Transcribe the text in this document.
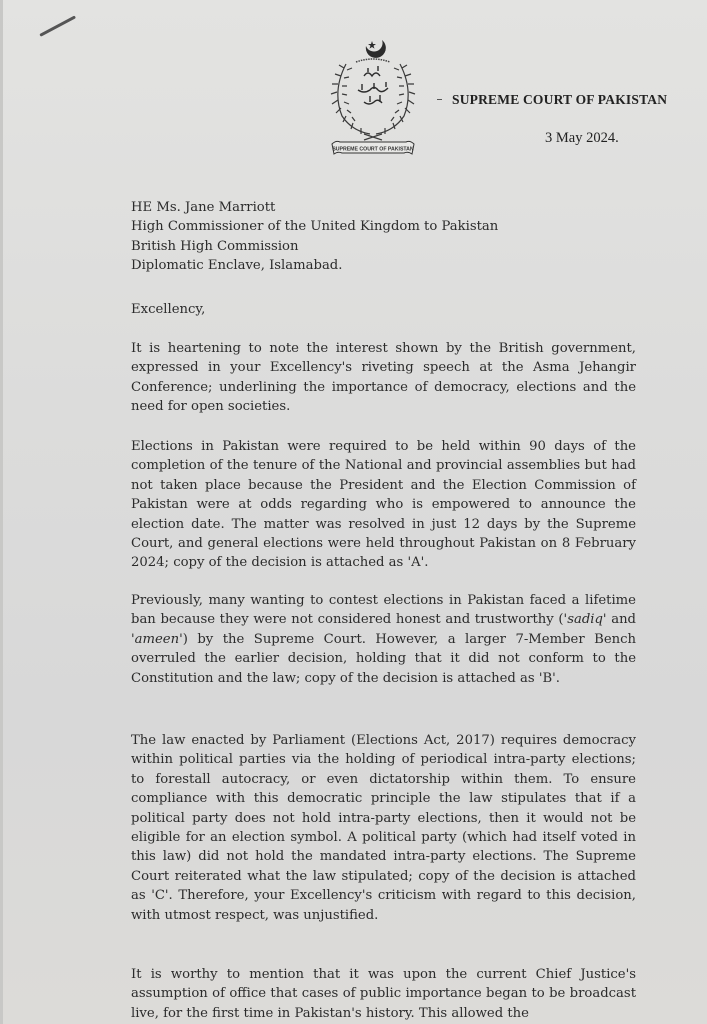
SUPREME COURT OF PAKISTAN
SUPREME COURT OF PAKISTAN
3 May 2024.
HE Ms. Jane Marriott
High Commissioner of the United Kingdom to Pakistan
British High Commission
Diplomatic Enclave, Islamabad.
Excellency,

It is heartening to note the interest shown by the British government, expressed in your Excellency's riveting speech at the Asma Jehangir Conference; underlining the importance of democracy, elections and the need for open societies.

Elections in Pakistan were required to be held within 90 days of the completion of the tenure of the National and provincial assemblies but had not taken place because the President and the Election Commission of Pakistan were at odds regarding who is empowered to announce the election date. The matter was resolved in just 12 days by the Supreme Court, and general elections were held throughout Pakistan on 8 February 2024; copy of the decision is attached as 'A'.

Previously, many wanting to contest elections in Pakistan faced a lifetime ban because they were not considered honest and trustworthy ('sadiq' and 'ameen') by the Supreme Court. However, a larger 7-Member Bench overruled the earlier decision, holding that it did not conform to the Constitution and the law; copy of the decision is attached as 'B'.

The law enacted by Parliament (Elections Act, 2017) requires democracy within political parties via the holding of periodical intra-party elections; to forestall autocracy, or even dictatorship within them. To ensure compliance with this democratic principle the law stipulates that if a political party does not hold intra-party elections, then it would not be eligible for an election symbol. A political party (which had itself voted in this law) did not hold the mandated intra-party elections. The Supreme Court reiterated what the law stipulated; copy of the decision is attached as 'C'. Therefore, your Excellency's criticism with regard to this decision, with utmost respect, was unjustified.

It is worthy to mention that it was upon the current Chief Justice's assumption of office that cases of public importance began to be broadcast live, for the first time in Pakistan's history. This allowed the
